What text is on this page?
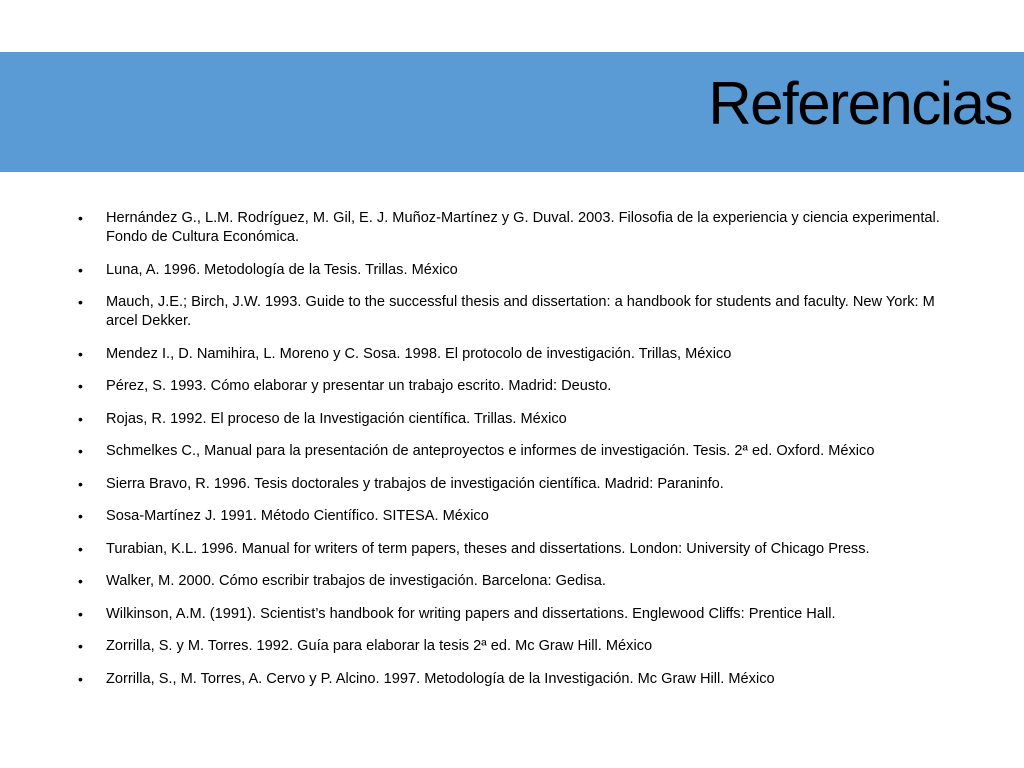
Referencias
•	Hernández G., L.M. Rodríguez, M. Gil, E. J. Muñoz-Martínez y G. Duval. 2003. Filosofia de la experiencia y ciencia experimental. Fondo de Cultura Económica.
•	Luna, A. 1996. Metodología de la Tesis. Trillas. México
•	Mauch, J.E.; Birch, J.W. 1993. Guide to the successful thesis and dissertation: a handbook for students and faculty. New York: M arcel Dekker.
•	Mendez I., D. Namihira, L. Moreno y C. Sosa. 1998. El protocolo de investigación. Trillas, México
•	Pérez, S. 1993. Cómo elaborar y presentar un trabajo escrito. Madrid: Deusto.
•	Rojas, R. 1992. El proceso de la Investigación científica. Trillas. México
•	Schmelkes C., Manual para la presentación de anteproyectos e informes de investigación. Tesis. 2ª ed. Oxford. México
•	Sierra Bravo, R. 1996. Tesis doctorales y trabajos de investigación científica. Madrid: Paraninfo.
•	Sosa-Martínez J. 1991. Método Científico. SITESA. México
•	Turabian, K.L. 1996. Manual for writers of term papers, theses and dissertations. London: University of Chicago Press.
•	Walker, M. 2000. Cómo escribir trabajos de investigación. Barcelona: Gedisa.
•	Wilkinson, A.M. (1991). Scientist’s handbook for writing papers and dissertations. Englewood Cliffs: Prentice Hall.
•	Zorrilla, S. y M. Torres. 1992. Guía para elaborar la tesis 2ª ed. Mc Graw Hill. México
•	Zorrilla, S., M. Torres, A. Cervo y P. Alcino. 1997. Metodología de la Investigación. Mc Graw Hill. México
